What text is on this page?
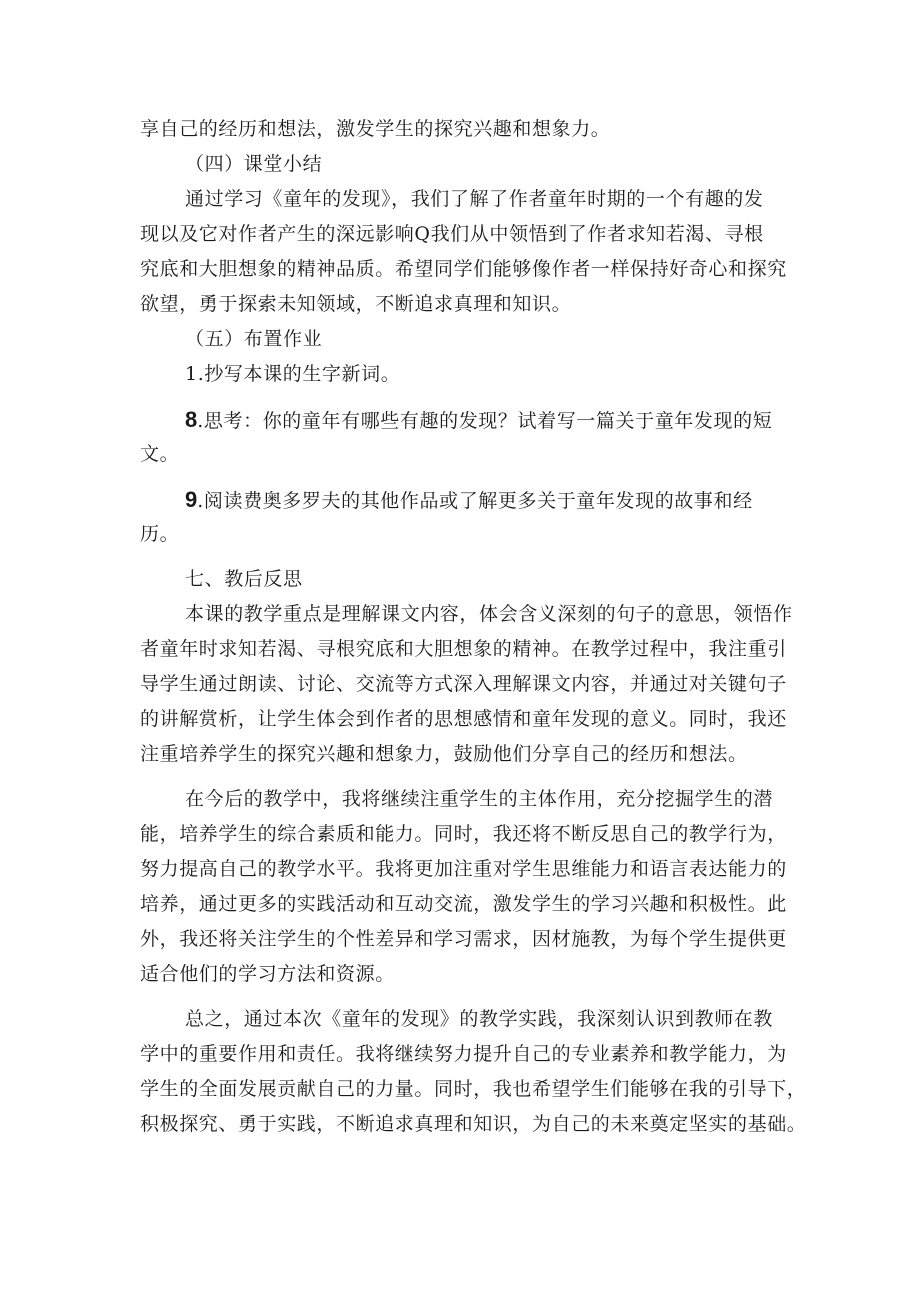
享自己的经历和想法，激发学生的探究兴趣和想象力。
（四）课堂小结
通过学习《童年的发现》，我们了解了作者童年时期的一个有趣的发
现以及它对作者产生的深远影响Q我们从中领悟到了作者求知若渴、寻根
究底和大胆想象的精神品质。希望同学们能够像作者一样保持好奇心和探究
欲望，勇于探索未知领域，不断追求真理和知识。
（五）布置作业
1.抄写本课的生字新词。
8.思考：你的童年有哪些有趣的发现？试着写一篇关于童年发现的短
文。
9.阅读费奥多罗夫的其他作品或了解更多关于童年发现的故事和经
历。
七、教后反思
本课的教学重点是理解课文内容，体会含义深刻的句子的意思，领悟作
者童年时求知若渴、寻根究底和大胆想象的精神。在教学过程中，我注重引
导学生通过朗读、讨论、交流等方式深入理解课文内容，并通过对关键句子
的讲解赏析，让学生体会到作者的思想感情和童年发现的意义。同时，我还
注重培养学生的探究兴趣和想象力，鼓励他们分享自己的经历和想法。
在今后的教学中，我将继续注重学生的主体作用，充分挖掘学生的潜
能，培养学生的综合素质和能力。同时，我还将不断反思自己的教学行为，
努力提高自己的教学水平。我将更加注重对学生思维能力和语言表达能力的
培养，通过更多的实践活动和互动交流，激发学生的学习兴趣和积极性。此
外，我还将关注学生的个性差异和学习需求，因材施教，为每个学生提供更
适合他们的学习方法和资源。
总之，通过本次《童年的发现》的教学实践，我深刻认识到教师在教
学中的重要作用和责任。我将继续努力提升自己的专业素养和教学能力，为
学生的全面发展贡献自己的力量。同时，我也希望学生们能够在我的引导下，
积极探究、勇于实践，不断追求真理和知识，为自己的未来奠定坚实的基础。
